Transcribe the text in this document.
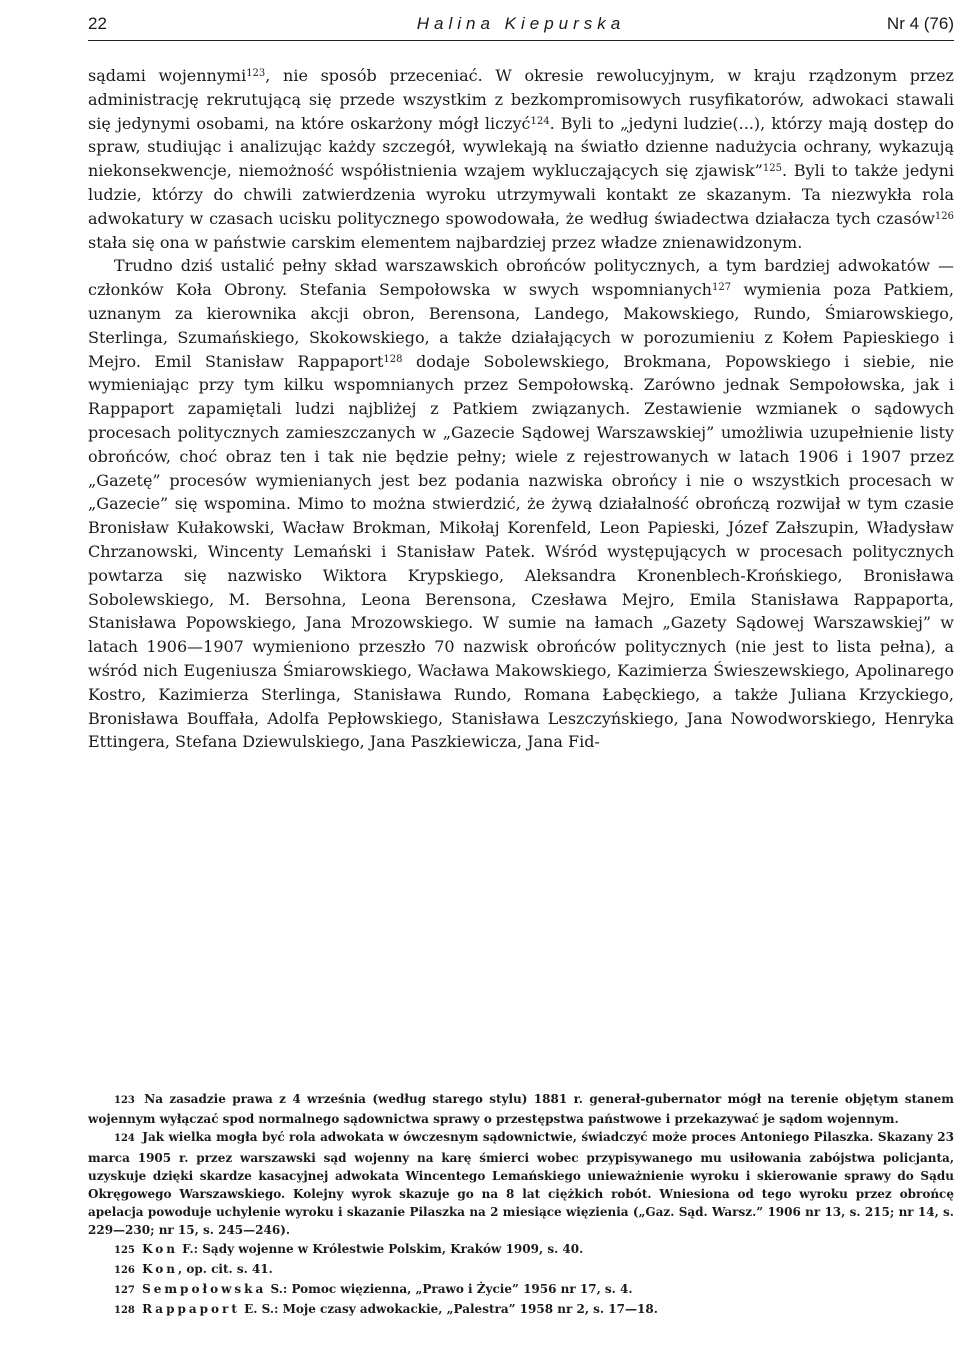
22	Halina Kiepurska	Nr 4 (76)

sądami wojennymi$^{123}$, nie sposób przeceniać. W okresie rewolucyjnym, w kraju rządzonym przez administrację rekrutującą się przede wszystkim z bezkompromisowych rusyfikatorów, adwokaci stawali się jedynymi osobami, na które oskarżony mógł liczyć$^{124}$. Byli to „jedyni ludzie(...), którzy mają dostęp do spraw, studiując i analizując każdy szczegół, wywlekają na światło dzienne nadużycia ochrany, wykazują niekonsekwencje, niemożność współistnienia wzajem wykluczających się zjawisk”$^{125}$. Byli to także jedyni ludzie, którzy do chwili zatwierdzenia wyroku utrzymywali kontakt ze skazanym. Ta niezwykła rola adwokatury w czasach ucisku politycznego spowodowała, że według świadectwa działacza tych czasów$^{126}$ stała się ona w państwie carskim elementem najbardziej przez władze znienawidzonym.

Trudno dziś ustalić pełny skład warszawskich obrońców politycznych, a tym bardziej adwokatów — członków Koła Obrony. Stefania Sempołowska w swych wspomnianych$^{127}$ wymienia poza Patkiem, uznanym za kierownika akcji obron, Berensona, Landego, Makowskiego, Rundo, Śmiarowskiego, Sterlinga, Szumańskiego, Skokowskiego, a także działających w porozumieniu z Kołem Papieskiego i Mejro. Emil Stanisław Rappaport$^{128}$ dodaje Sobolewskiego, Brokmana, Popowskiego i siebie, nie wymieniając przy tym kilku wspomnianych przez Sempołowską. Zarówno jednak Sempołowska, jak i Rappaport zapamiętali ludzi najbliżej z Patkiem związanych. Zestawienie wzmianek o sądowych procesach politycznych zamieszczanych w „Gazecie Sądowej Warszawskiej” umożliwia uzupełnienie listy obrońców, choć obraz ten i tak nie będzie pełny; wiele z rejestrowanych w latach 1906 i 1907 przez „Gazetę” procesów wymienianych jest bez podania nazwiska obrońcy i nie o wszystkich procesach w „Gazecie” się wspomina. Mimo to można stwierdzić, że żywą działalność obrończą rozwijał w tym czasie Bronisław Kułakowski, Wacław Brokman, Mikołaj Korenfeld, Leon Papieski, Józef Załszupin, Władysław Chrzanowski, Wincenty Lemański i Stanisław Patek. Wśród występujących w procesach politycznych powtarza się nazwisko Wiktora Krypskiego, Aleksandra Kronenblech-Krońskiego, Bronisława Sobolewskiego, M. Bersohna, Leona Berensona, Czesława Mejro, Emila Stanisława Rappaporta, Stanisława Popowskiego, Jana Mrozowskiego. W sumie na łamach „Gazety Sądowej Warszawskiej” w latach 1906—1907 wymieniono przeszło 70 nazwisk obrońców politycznych (nie jest to lista pełna), a wśród nich Eugeniusza Śmiarowskiego, Wacława Makowskiego, Kazimierza Świeszewskiego, Apolinarego Kostro, Kazimierza Sterlinga, Stanisława Rundo, Romana Łabęckiego, a także Juliana Krzyckiego, Bronisława Bouffała, Adolfa Pepłowskiego, Stanisława Leszczyńskiego, Jana Nowodworskiego, Henryka Ettingera, Stefana Dziewulskiego, Jana Paszkiewicza, Jana Fid-

123 Na zasadzie prawa z 4 września (według starego stylu) 1881 r. generał-gubernator mógł na terenie objętym stanem wojennym wyłączać spod normalnego sądownictwa sprawy o przestępstwa państwowe i przekazywać je sądom wojennym.

124 Jak wielka mogła być rola adwokata w ówczesnym sądownictwie, świadczyć może proces Antoniego Pilaszka. Skazany 23 marca 1905 r. przez warszawski sąd wojenny na karę śmierci wobec przypisywanego mu usiłowania zabójstwa policjanta, uzyskuje dzięki skardze kasacyjnej adwokata Wincentego Lemańskiego unieważnienie wyroku i skierowanie sprawy do Sądu Okręgowego Warszawskiego. Kolejny wyrok skazuje go na 8 lat ciężkich robót. Wniesiona od tego wyroku przez obrońcę apelacja powoduje uchylenie wyroku i skazanie Pilaszka na 2 miesiące więzienia („Gaz. Sąd. Warsz.” 1906 nr 13, s. 215; nr 14, s. 229—230; nr 15, s. 245—246).

125 Kon F.: Sądy wojenne w Królestwie Polskim, Kraków 1909, s. 40.

126 Kon, op. cit. s. 41.

127 Sempołowska S.: Pomoc więzienna, „Prawo i Życie” 1956 nr 17, s. 4.

128 Rappaport E. S.: Moje czasy adwokackie, „Palestra” 1958 nr 2, s. 17—18.
